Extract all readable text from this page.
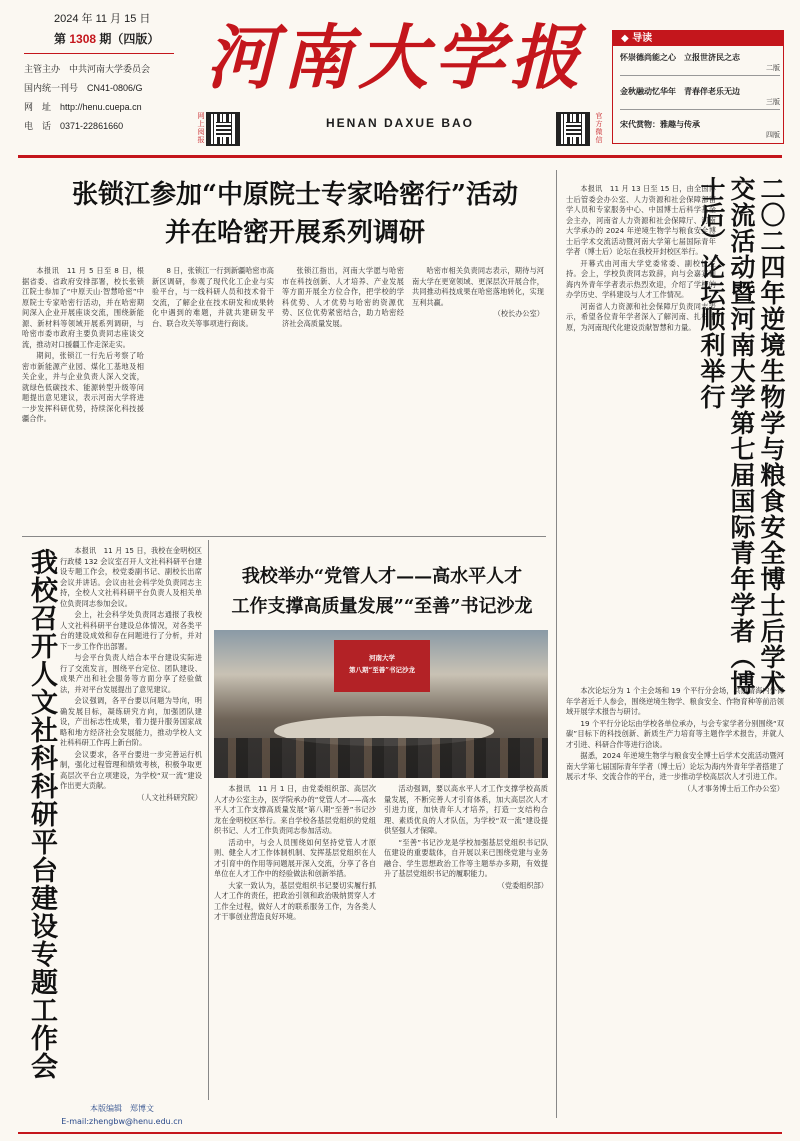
2024 年 11 月 15 日
第 1308 期（四版）
主管主办　 中共河南大学委员会
国内统一刊号　 CN41-0806/G
网　址　 http://henu.cuepa.cn
电　话　 0371-22861660	网上阅报
河南大学报
HENAN DAXUE BAO	官方微信
◆ 导读
怀崇德尚能之心　立报世济民之志
二版
金秋融动忆华年　青春伴老乐无边
三版
宋代赏物：雅趣与传承
四版
张锁江参加“中原院士专家哈密行”活动
并在哈密开展系列调研

本报讯　11 月 5 日至 8 日，根据省委、省政府安排部署，校长张锁江院士参加了“中原天山·智慧哈密”中原院士专家哈密行活动，并在哈密期间深入企业开展座谈交流，围绕新能源、新材料等领域开展系列调研，与哈密市委市政府主要负责同志座谈交流，推动对口援疆工作走深走实。

期间，张锁江一行先后考察了哈密市新能源产业园、煤化工基地及相关企业，并与企业负责人深入交流，就绿色低碳技术、能源转型升级等问题提出意见建议，表示河南大学将进一步发挥科研优势，持续深化科技援疆合作。

8 日，张锁江一行到新疆哈密市高新区调研，参观了现代化工企业与实验平台，与一线科研人员和技术骨干交流，了解企业在技术研发和成果转化中遇到的难题，并就共建研发平台、联合攻关等事项进行商谈。

张锁江指出，河南大学愿与哈密市在科技创新、人才培养、产业发展等方面开展全方位合作，把学校的学科优势、人才优势与哈密的资源优势、区位优势紧密结合，助力哈密经济社会高质量发展。

哈密市相关负责同志表示，期待与河南大学在更宽领域、更深层次开展合作，共同推动科技成果在哈密落地转化，实现互利共赢。

（校长办公室）

本报讯　11 月 13 日至 15 日，由全国博士后管委会办公室、人力资源和社会保障部留学人员和专家服务中心、中国博士后科学基金会主办，河南省人力资源和社会保障厅、河南大学承办的 2024 年逆境生物学与粮食安全博士后学术交流活动暨河南大学第七届国际青年学者（博士后）论坛在我校开封校区举行。

开幕式由河南大学党委常委、副校长主持。会上，学校负责同志致辞，向与会嘉宾和海内外青年学者表示热烈欢迎，介绍了学校的办学历史、学科建设与人才工作情况。

河南省人力资源和社会保障厅负责同志表示，希望各位青年学者深入了解河南、扎根中原，为河南现代化建设贡献智慧和力量。	二〇二四年逆境生物学与粮食安全博士后学术交流活动暨河南大学第七届国际青年学者（博士后）论坛顺利举行

本次论坛分为 1 个主会场和 19 个平行分会场，共邀请海内外青年学者近千人参会，围绕逆境生物学、粮食安全、作物育种等前沿领域开展学术报告与研讨。

19 个平行分论坛由学校各单位承办，与会专家学者分别围绕“双碳”目标下的科技创新、新质生产力培育等主题作学术报告，并就人才引进、科研合作等进行洽谈。

据悉，2024 年逆境生物学与粮食安全博士后学术交流活动暨河南大学第七届国际青年学者（博士后）论坛为海内外青年学者搭建了展示才华、交流合作的平台，进一步推动学校高层次人才引进工作。

（人才事务博士后工作办公室）
我校召开人文社科科研平台建设专题工作会	本报讯　11 月 15 日，我校在金明校区行政楼 132 会议室召开人文社科科研平台建设专题工作会，校党委副书记、副校长出席会议并讲话。会议由社会科学处负责同志主持，全校人文社科科研平台负责人及相关单位负责同志参加会议。

会上，社会科学处负责同志通报了我校人文社科科研平台建设总体情况，对各类平台的建设成效和存在问题进行了分析，并对下一步工作作出部署。

与会平台负责人结合本平台建设实际进行了交流发言，围绕平台定位、团队建设、成果产出和社会服务等方面分享了经验做法，并对平台发展提出了意见建议。

会议强调，各平台要以问题为导向，明确发展目标，凝练研究方向，加强团队建设，产出标志性成果，着力提升服务国家战略和地方经济社会发展能力，推动学校人文社科科研工作再上新台阶。

会议要求，各平台要进一步完善运行机制，强化过程管理和绩效考核，积极争取更高层次平台立项建设，为学校“双一流”建设作出更大贡献。

（人文社科研究院）
我校举办“党管人才——高水平人才
工作支撑高质量发展”“至善”书记沙龙
河南大学
第八期“至善”书记沙龙

本报讯　11 月 1 日，由党委组织部、高层次人才办公室主办，医学院承办的“党管人才——高水平人才工作支撑高质量发展”第八期“至善”书记沙龙在金明校区举行。来自学校各基层党组织的党组织书记、人才工作负责同志参加活动。

活动中，与会人员围绕如何坚持党管人才原则、健全人才工作体制机制、发挥基层党组织在人才引育中的作用等问题展开深入交流，分享了各自单位在人才工作中的经验做法和创新举措。

大家一致认为，基层党组织书记要切实履行抓人才工作的责任，把政治引领和政治吸纳贯穿人才工作全过程，做好人才的联系服务工作，为各类人才干事创业营造良好环境。

活动强调，要以高水平人才工作支撑学校高质量发展，不断完善人才引育体系，加大高层次人才引进力度，加快青年人才培养，打造一支结构合理、素质优良的人才队伍，为学校“双一流”建设提供坚强人才保障。

“至善”书记沙龙是学校加强基层党组织书记队伍建设的重要载体，自开展以来已围绕党建与业务融合、学生思想政治工作等主题举办多期，有效提升了基层党组织书记的履职能力。

（党委组织部）
本版编辑　 郑博文
E-mail:zhengbw@henu.edu.cn
